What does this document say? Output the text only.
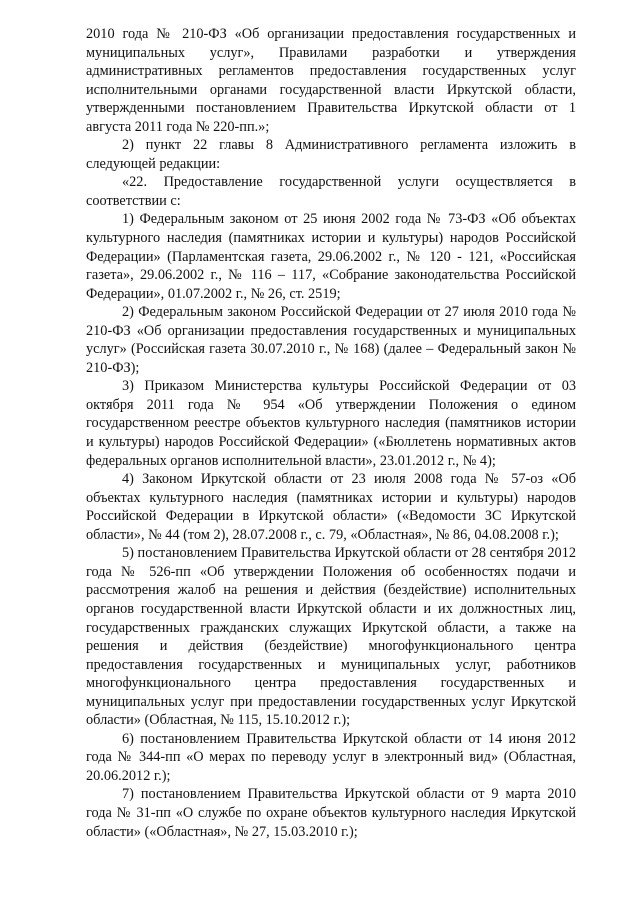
2010 года № 210-ФЗ «Об организации предоставления государственных и муниципальных услуг», Правилами разработки и утверждения административных регламентов предоставления государственных услуг исполнительными органами государственной власти Иркутской области, утвержденными постановлением Правительства Иркутской области от 1 августа 2011 года № 220-пп.»;

2) пункт 22 главы 8 Административного регламента изложить в следующей редакции:

«22. Предоставление государственной услуги осуществляется в соответствии с:

1) Федеральным законом от 25 июня 2002 года № 73-ФЗ «Об объектах культурного наследия (памятниках истории и культуры) народов Российской Федерации» (Парламентская газета, 29.06.2002 г., № 120 - 121, «Российская газета», 29.06.2002 г., № 116 – 117, «Собрание законодательства Российской Федерации», 01.07.2002 г., № 26, ст. 2519;

2) Федеральным законом Российской Федерации от 27 июля 2010 года № 210-ФЗ «Об организации предоставления государственных и муниципальных услуг» (Российская газета 30.07.2010 г., № 168) (далее – Федеральный закон № 210-ФЗ);

3) Приказом Министерства культуры Российской Федерации от 03 октября 2011 года № 954 «Об утверждении Положения о едином государственном реестре объектов культурного наследия (памятников истории и культуры) народов Российской Федерации» («Бюллетень нормативных актов федеральных органов исполнительной власти», 23.01.2012 г., № 4);

4) Законом Иркутской области от 23 июля 2008 года № 57-оз «Об объектах культурного наследия (памятниках истории и культуры) народов Российской Федерации в Иркутской области» («Ведомости ЗС Иркутской области», № 44 (том 2), 28.07.2008 г., с. 79, «Областная», № 86, 04.08.2008 г.);

5) постановлением Правительства Иркутской области от 28 сентября 2012 года № 526-пп «Об утверждении Положения об особенностях подачи и рассмотрения жалоб на решения и действия (бездействие) исполнительных органов государственной власти Иркутской области и их должностных лиц, государственных гражданских служащих Иркутской области, а также на решения и действия (бездействие) многофункционального центра предоставления государственных и муниципальных услуг, работников многофункционального центра предоставления государственных и муниципальных услуг при предоставлении государственных услуг Иркутской области» (Областная, № 115, 15.10.2012 г.);

6) постановлением Правительства Иркутской области от 14 июня 2012 года № 344-пп «О мерах по переводу услуг в электронный вид» (Областная, 20.06.2012 г.);

7) постановлением Правительства Иркутской области от 9 марта 2010 года № 31-пп «О службе по охране объектов культурного наследия Иркутской области» («Областная», № 27, 15.03.2010 г.);
